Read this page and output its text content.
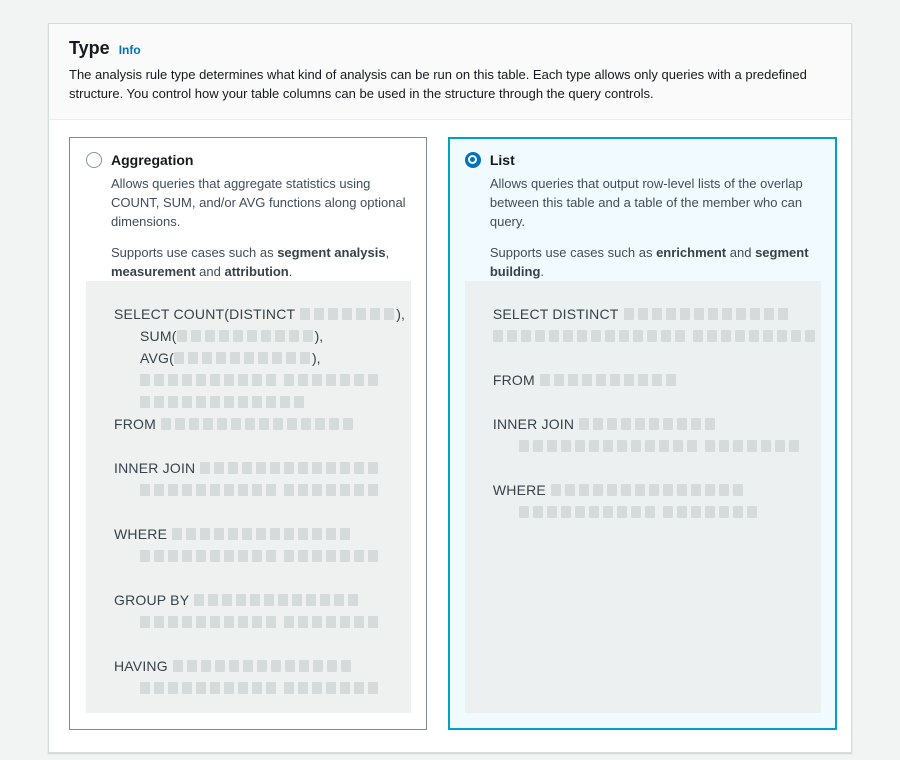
Type Info
The analysis rule type determines what kind of analysis can be run on this table. Each type allows only queries with a predefined structure. You control how your table columns can be used in the structure through the query controls.
Aggregation
Allows queries that aggregate statistics using COUNT, SUM, and/or AVG functions along optional dimensions.
Supports use cases such as segment analysis, measurement and attribution.
SELECT COUNT(DISTINCT	),
SUM(	),
AVG(	),
FROM
INNER JOIN
WHERE
GROUP BY
HAVING
List
Allows queries that output row-level lists of the overlap between this table and a table of the member who can query.
Supports use cases such as enrichment and segment building.
SELECT DISTINCT
FROM
INNER JOIN
WHERE
